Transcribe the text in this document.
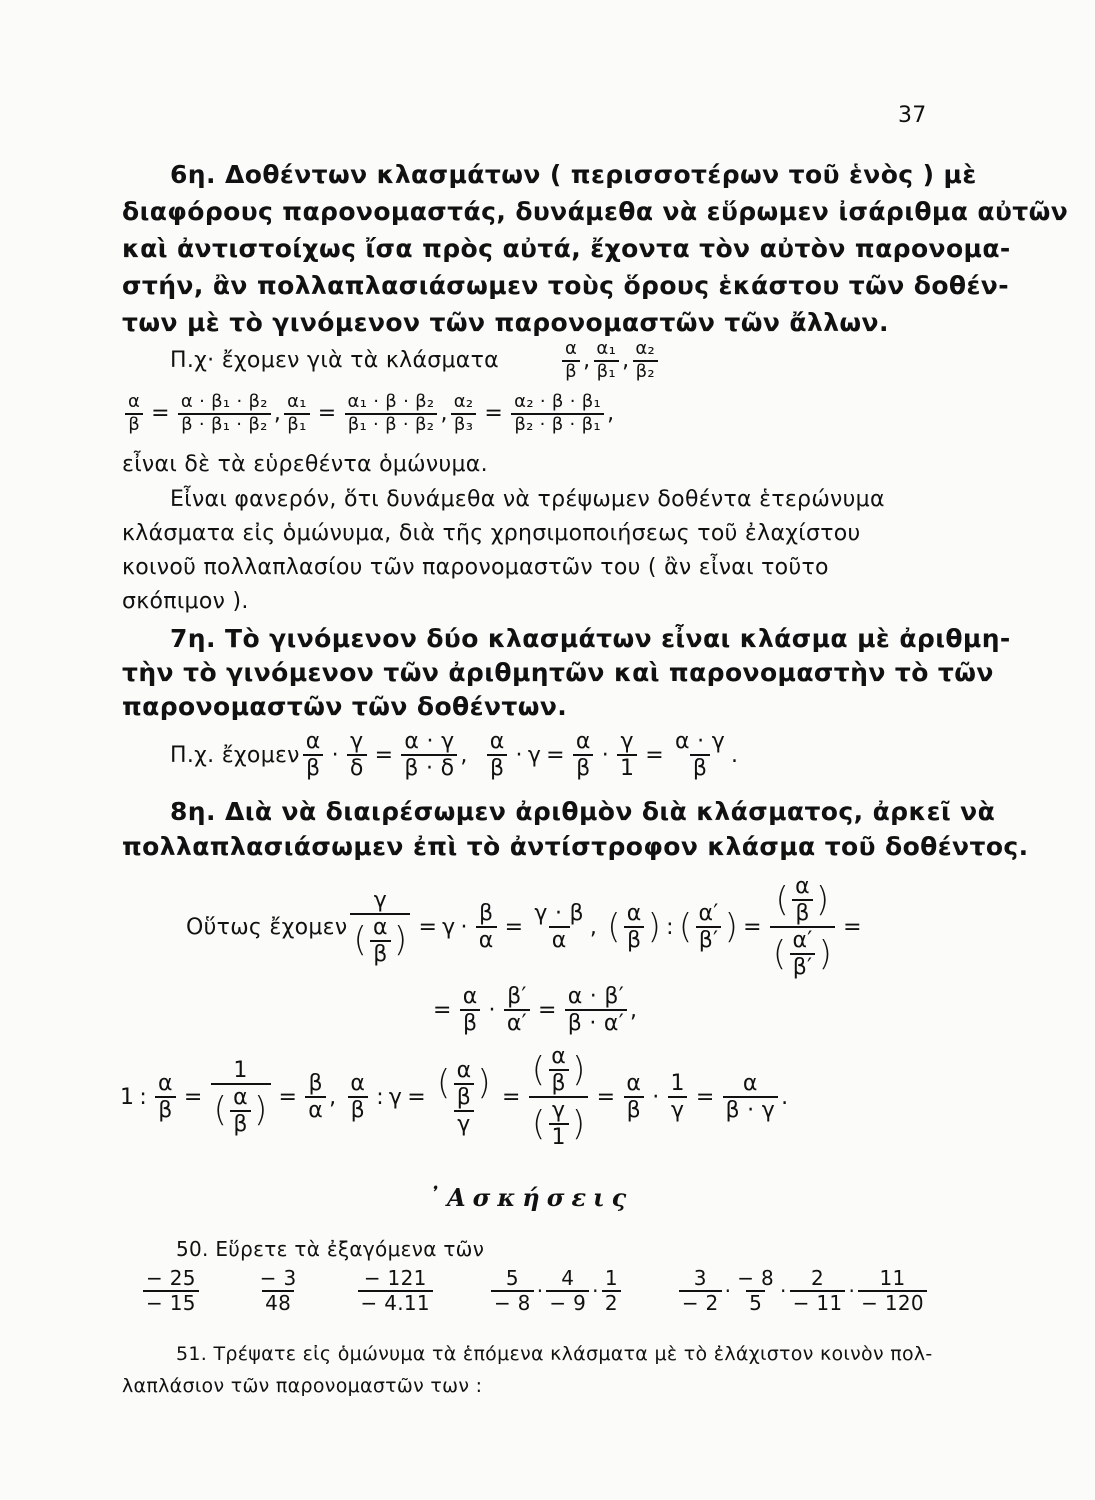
37
6η. Δοθέντων κλασμάτων ( περισσοτέρων τοῦ ἑνὸς ) μὲ
διαφόρους παρονομαστάς, δυνάμεθα νὰ εὕρωμεν ἰσάριθμα αὐτῶν
καὶ ἀντιστοίχως ἴσα πρὸς αὐτά, ἔχοντα τὸν αὐτὸν παρονομα-
στήν, ἂν πολλαπλασιάσωμεν τοὺς ὅρους ἑκάστου τῶν δοθέν-
των μὲ τὸ γινόμενον τῶν παρονομαστῶν τῶν ἄλλων.
Π.χ· ἔχομεν γιὰ τὰ κλάσματα	$\frac{\alpha}{\beta}$ , $\frac{\text{α₁}}{\text{β₁}}$ , $\frac{\text{α₂}}{\text{β₂}}$
$\frac{\alpha}{\beta} = \frac{\text{α · β₁ · β₂}}{\text{β · β₁ · β₂}}$ , $\frac{\text{α₁}}{\text{β₁}} = \frac{\text{α₁ · β · β₂}}{\text{β₁ · β · β₂}}$ , $\frac{\text{α₂}}{\text{β₃}} = \frac{\text{α₂ · β · β₁}}{\text{β₂ · β · β₁}}$ ,
εἶναι δὲ τὰ εὑρεθέντα ὁμώνυμα.
Εἶναι φανερόν, ὅτι δυνάμεθα νὰ τρέψωμεν δοθέντα ἑτερώνυμα
κλάσματα εἰς ὁμώνυμα, διὰ τῆς χρησιμοποιήσεως τοῦ ἐλαχίστου
κοινοῦ πολλαπλασίου τῶν παρονομαστῶν του ( ἂν εἶναι τοῦτο
σκόπιμον ).
7η. Τὸ γινόμενον δύο κλασμάτων εἶναι κλάσμα μὲ ἀριθμη-
τὴν τὸ γινόμενον τῶν ἀριθμητῶν καὶ παρονομαστὴν τὸ τῶν
παρονομαστῶν τῶν δοθέντων.
Π.χ. ἔχομεν $\frac{\alpha}{\beta} \cdot \frac{\gamma}{\delta} = \frac{\alpha \cdot \gamma}{\beta \cdot \delta}$ , $\frac{\alpha}{\beta} \cdot \gamma = \frac{\alpha}{\beta} \cdot \frac{\gamma}{1} = \frac{\alpha \cdot \gamma}{\beta}$ .
8η. Διὰ νὰ διαιρέσωμεν ἀριθμὸν διὰ κλάσματος, ἀρκεῖ νὰ
πολλαπλασιάσωμεν ἐπὶ τὸ ἀντίστροφον κλάσμα τοῦ δοθέντος.
Οὕτως ἔχομεν $\frac{\gamma}{( \frac{\alpha}{\beta} )} = \gamma \cdot \frac{\beta}{\alpha} = \frac{\gamma \cdot \beta}{\alpha}$ , ( $\frac{\alpha}{\beta}$ ) : ( $\frac{\alpha'}{\beta'}$ ) = $\frac{( \frac{\alpha}{\beta} )}{( \frac{\alpha'}{\beta'} )}$ =
= $\frac{\alpha}{\beta} \cdot \frac{\beta'}{\alpha'} = \frac{\alpha \cdot \beta'}{\beta \cdot \alpha'}$ ,
1 : $\frac{\alpha}{\beta} = \frac{1}{( \frac{\alpha}{\beta} )} = \frac{\beta}{\alpha}$ , $\frac{\alpha}{\beta}$ : $\gamma = \frac{( \frac{\alpha}{\beta} )}{\gamma} = \frac{( \frac{\alpha}{\beta} )}{( \frac{\gamma}{1} )} = \frac{\alpha}{\beta} \cdot \frac{1}{\gamma} = \frac{\alpha}{\beta \cdot \gamma}$ .
᾿Ασκήσεις
50. Εὕρετε τὰ ἐξαγόμενα τῶν
$\frac{- 25}{- 15}$	$\frac{- 3}{48}$	$\frac{- 121}{- 4.11}$	$\frac{5}{- 8} \cdot \frac{4}{- 9} \cdot \frac{1}{2}$	$\frac{3}{- 2} \cdot \frac{- 8}{5} \cdot \frac{2}{- 11} \cdot \frac{11}{- 120}$
51. Τρέψατε εἰς ὁμώνυμα τὰ ἑπόμενα κλάσματα μὲ τὸ ἐλάχιστον κοινὸν πολ-
λαπλάσιον τῶν παρονομαστῶν των :
